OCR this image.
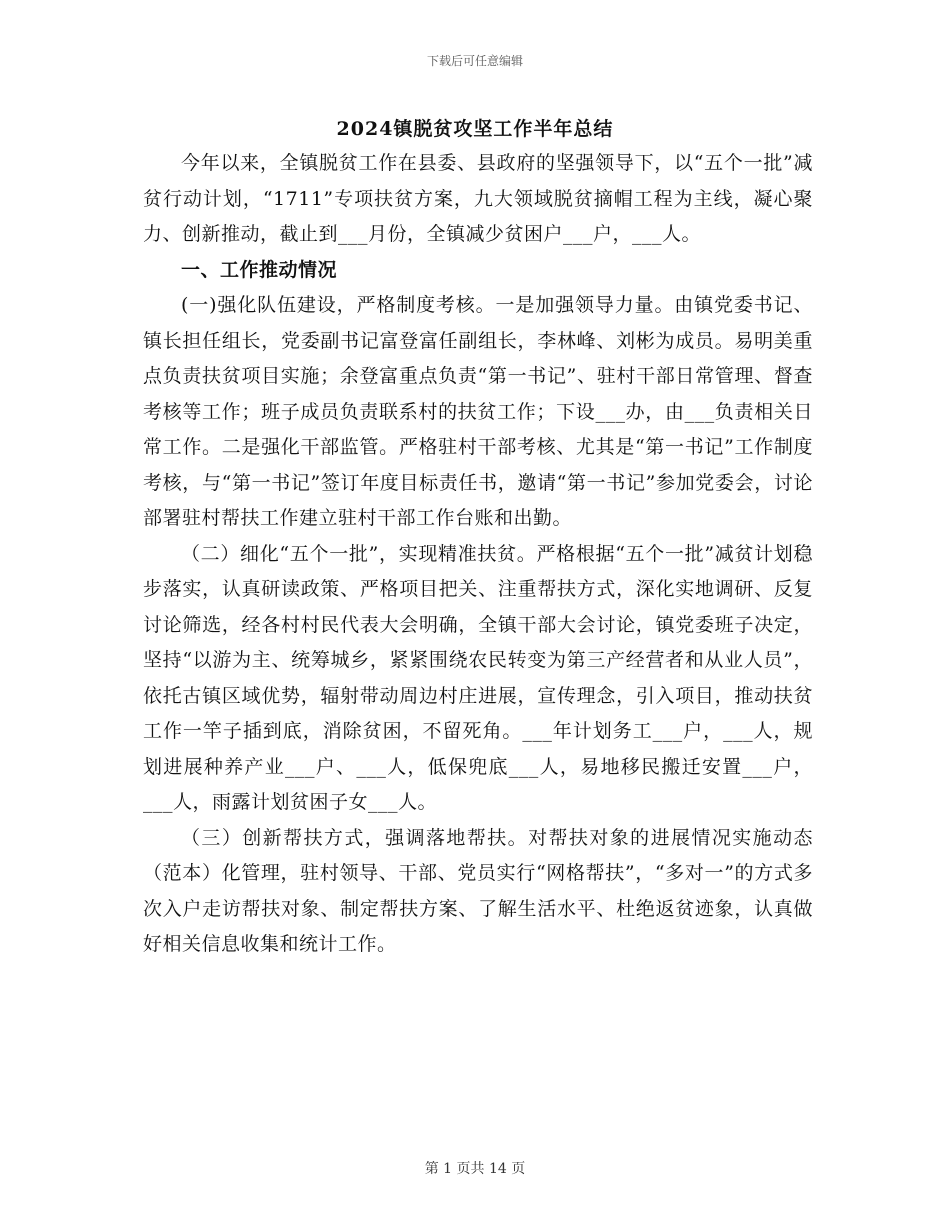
下载后可任意编辑
2024镇脱贫攻坚工作半年总结

今年以来，全镇脱贫工作在县委、县政府的坚强领导下，以“五个一批”减贫行动计划，“1711”专项扶贫方案，九大领域脱贫摘帽工程为主线，凝心聚力、创新推动，截止到___月份，全镇减少贫困户___户，___人。

一、工作推动情况

(一)强化队伍建设，严格制度考核。一是加强领导力量。由镇党委书记、镇长担任组长，党委副书记富登富任副组长，李林峰、刘彬为成员。易明美重点负责扶贫项目实施；余登富重点负责“第一书记”、驻村干部日常管理、督查考核等工作；班子成员负责联系村的扶贫工作；下设___办，由___负责相关日常工作。二是强化干部监管。严格驻村干部考核、尤其是“第一书记”工作制度考核，与“第一书记”签订年度目标责任书，邀请“第一书记”参加党委会，讨论部署驻村帮扶工作建立驻村干部工作台账和出勤。

（二）细化“五个一批”，实现精准扶贫。严格根据“五个一批”减贫计划稳步落实，认真研读政策、严格项目把关、注重帮扶方式，深化实地调研、反复讨论筛选，经各村村民代表大会明确，全镇干部大会讨论，镇党委班子决定，坚持“以游为主、统筹城乡，紧紧围绕农民转变为第三产经营者和从业人员”，依托古镇区域优势，辐射带动周边村庄进展，宣传理念，引入项目，推动扶贫工作一竿子插到底，消除贫困，不留死角。___年计划务工___户，___人，规划进展种养产业___户、___人，低保兜底___人，易地移民搬迁安置___户，___人，雨露计划贫困子女___人。

（三）创新帮扶方式，强调落地帮扶。对帮扶对象的进展情况实施动态（范本）化管理，驻村领导、干部、党员实行“网格帮扶”，“多对一”的方式多次入户走访帮扶对象、制定帮扶方案、了解生活水平、杜绝返贫迹象，认真做好相关信息收集和统计工作。

第 1 页共 14 页
